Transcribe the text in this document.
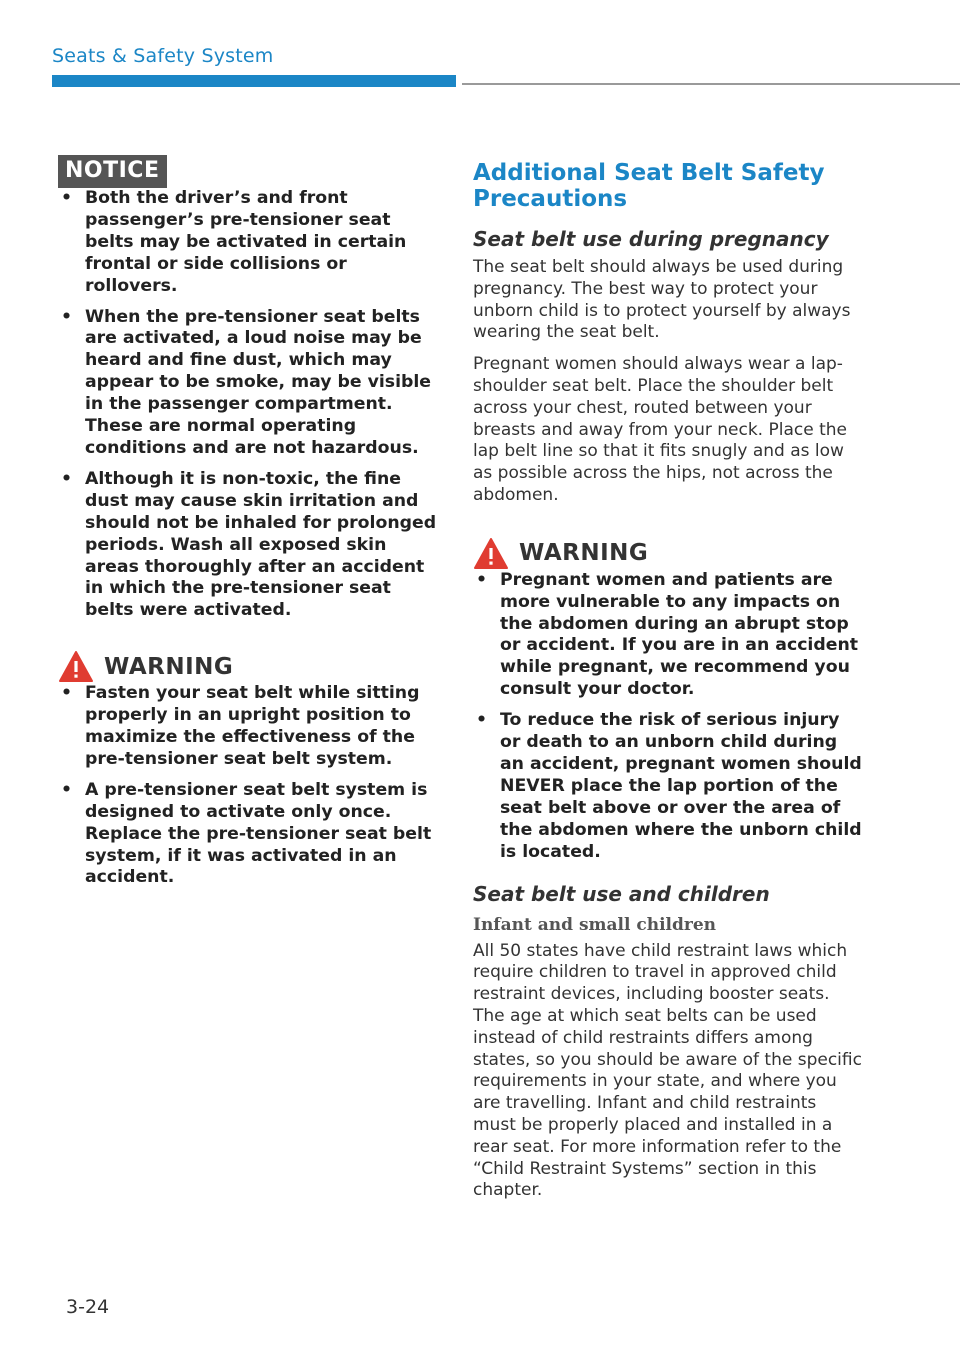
Seats & Safety System
NOTICE
• Both the driver’s and front passenger’s pre-tensioner seat belts may be activated in certain frontal or side collisions or rollovers.
• When the pre-tensioner seat belts are activated, a loud noise may be heard and fine dust, which may appear to be smoke, may be visible in the passenger compartment. These are normal operating conditions and are not hazardous.
• Although it is non-toxic, the fine dust may cause skin irritation and should not be inhaled for prolonged periods. Wash all exposed skin areas thoroughly after an accident in which the pre-tensioner seat belts were activated.
WARNING
• Fasten your seat belt while sitting properly in an upright position to maximize the effectiveness of the pre-tensioner seat belt system.
• A pre-tensioner seat belt system is designed to activate only once. Replace the pre-tensioner seat belt system, if it was activated in an accident.
Additional Seat Belt Safety Precautions
Seat belt use during pregnancy

The seat belt should always be used during pregnancy. The best way to protect your unborn child is to protect yourself by always wearing the seat belt.

Pregnant women should always wear a lap-shoulder seat belt. Place the shoulder belt across your chest, routed between your breasts and away from your neck. Place the lap belt line so that it fits snugly and as low as possible across the hips, not across the abdomen.

WARNING
• Pregnant women and patients are more vulnerable to any impacts on the abdomen during an abrupt stop or accident. If you are in an accident while pregnant, we recommend you consult your doctor.
• To reduce the risk of serious injury or death to an unborn child during an accident, pregnant women should NEVER place the lap portion of the seat belt above or over the area of the abdomen where the unborn child is located.
Seat belt use and children
Infant and small children

All 50 states have child restraint laws which require children to travel in approved child restraint devices, including booster seats. The age at which seat belts can be used instead of child restraints differs among states, so you should be aware of the specific requirements in your state, and where you are travelling. Infant and child restraints must be properly placed and installed in a rear seat. For more information refer to the “Child Restraint Systems” section in this chapter.

3-24
